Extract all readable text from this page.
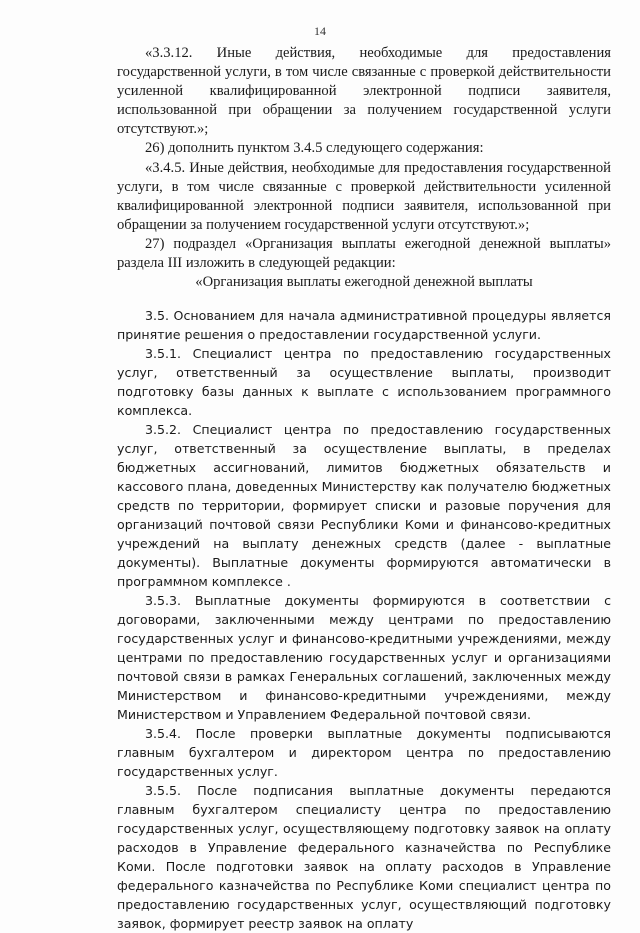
14

«3.3.12. Иные действия, необходимые для предоставления государственной услуги, в том числе связанные с проверкой действительности усиленной квалифицированной электронной подписи заявителя, использованной при обращении за получением государственной услуги отсутствуют.»;

26) дополнить пунктом 3.4.5 следующего содержания:

«3.4.5. Иные действия, необходимые для предоставления государственной услуги, в том числе связанные с проверкой действительности усиленной квалифицированной электронной подписи заявителя, использованной при обращении за получением государственной услуги отсутствуют.»;

27) подраздел «Организация выплаты ежегодной денежной выплаты» раздела III изложить в следующей редакции:

«Организация выплаты ежегодной денежной выплаты

3.5. Основанием для начала административной процедуры является принятие решения о предоставлении государственной услуги.

3.5.1. Специалист центра по предоставлению государственных услуг, ответственный за осуществление выплаты, производит подготовку базы данных к выплате с использованием программного комплекса.

3.5.2. Специалист центра по предоставлению государственных услуг, ответственный за осуществление выплаты, в пределах бюджетных ассигнований, лимитов бюджетных обязательств и кассового плана, доведенных Министерству как получателю бюджетных средств по территории, формирует списки и разовые поручения для организаций почтовой связи Республики Коми и финансово-кредитных учреждений на выплату денежных средств (далее - выплатные документы). Выплатные документы формируются автоматически в программном комплексе .

3.5.3. Выплатные документы формируются в соответствии с договорами, заключенными между центрами по предоставлению государственных услуг и финансово-кредитными учреждениями, между центрами по предоставлению государственных услуг и организациями почтовой связи в рамках Генеральных соглашений, заключенных между Министерством и финансово-кредитными учреждениями, между Министерством и Управлением Федеральной почтовой связи.

3.5.4. После проверки выплатные документы подписываются главным бухгалтером и директором центра по предоставлению государственных услуг.

3.5.5. После подписания выплатные документы передаются главным бухгалтером специалисту центра по предоставлению государственных услуг, осуществляющему подготовку заявок на оплату расходов в Управление федерального казначейства по Республике Коми. После подготовки заявок на оплату расходов в Управление федерального казначейства по Республике Коми специалист центра по предоставлению государственных услуг, осуществляющий подготовку заявок, формирует реестр заявок на оплату
